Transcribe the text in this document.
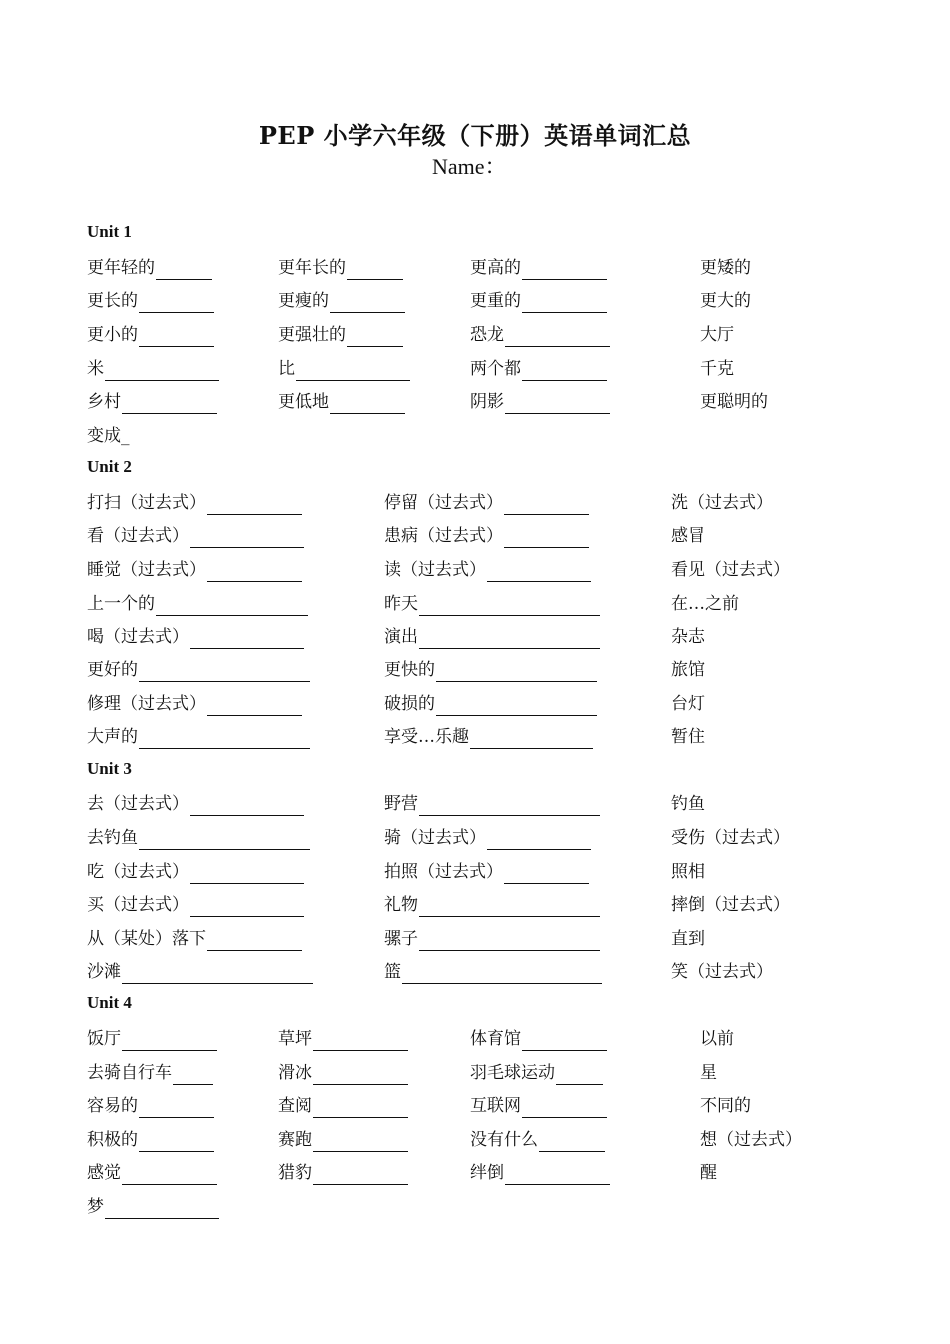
PEP 小学六年级（下册）英语单词汇总
Name：
Unit 1
更年轻的	更年长的	更高的	更矮的
更长的	更瘦的	更重的	更大的
更小的	更强壮的	恐龙	大厅
米	比	两个都	千克
乡村	更低地	阴影	更聪明的
变成_
Unit 2
打扫（过去式）	停留（过去式）	洗（过去式）
看（过去式）	患病（过去式）	感冒
睡觉（过去式）	读（过去式）	看见（过去式）
上一个的	昨天	在…之前
喝（过去式）	演出	杂志
更好的	更快的	旅馆
修理（过去式）	破损的	台灯
大声的	享受…乐趣	暂住
Unit 3
去（过去式）	野营	钓鱼
去钓鱼	骑（过去式）	受伤（过去式）
吃（过去式）	拍照（过去式）	照相
买（过去式）	礼物	摔倒（过去式）
从（某处）落下	骡子	直到
沙滩	篮	笑（过去式）
Unit 4
饭厅	草坪	体育馆	以前
去骑自行车	滑冰	羽毛球运动	星
容易的	查阅	互联网	不同的
积极的	赛跑	没有什么	想（过去式）
感觉	猎豹	绊倒	醒
梦
